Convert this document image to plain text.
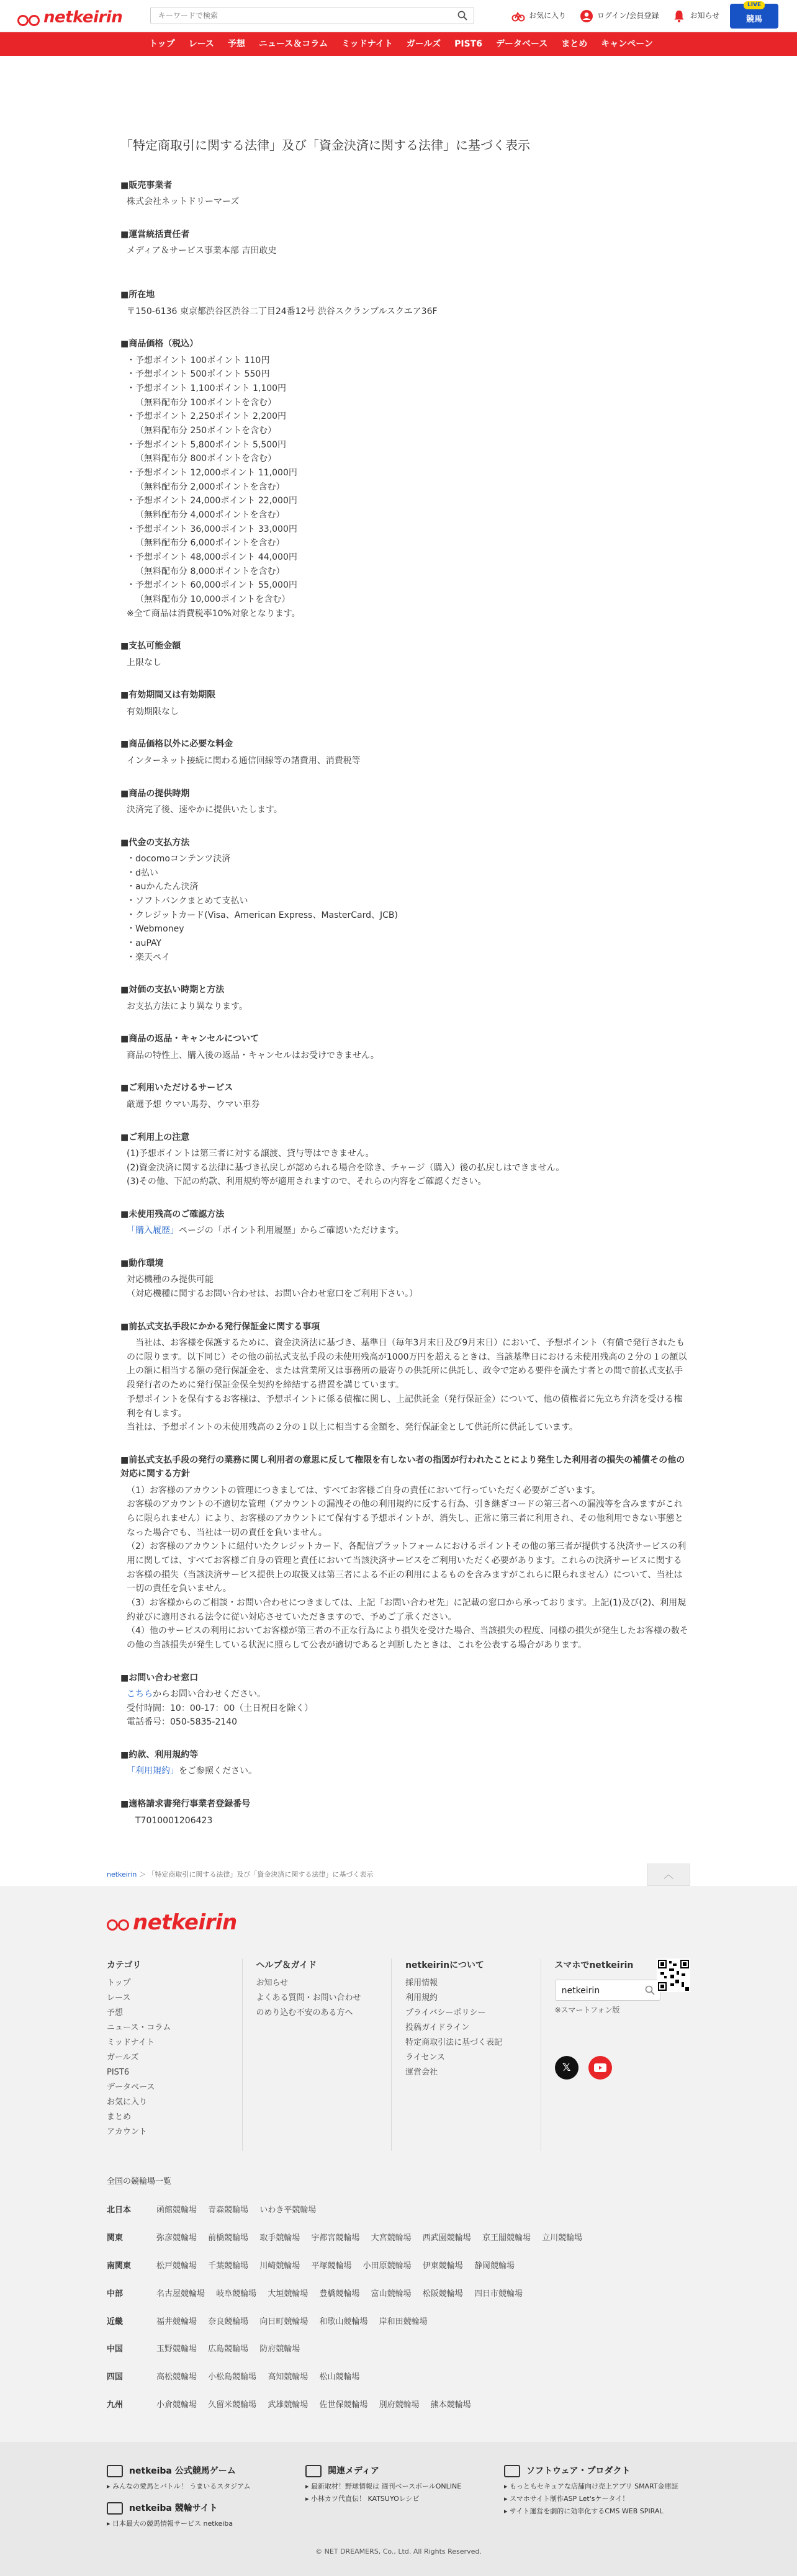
netkeirin
キーワードで検索	お気に入り	ログイン/会員登録	お知らせ
LIVE
競馬
トップ レース 予想 ニュース＆コラム ミッドナイト ガールズ PIST6 データベース まとめ キャンペーン
「特定商取引に関する法律」及び「資金決済に関する法律」に基づく表示
■ 販売事業者

株式会社ネットドリーマーズ

■ 運営統括責任者

メディア＆サービス事業本部 吉田敢史

■ 所在地

〒150-6136 東京都渋谷区渋谷二丁目24番12号 渋谷スクランブルスクエア36F

■ 商品価格（税込）
・ 予想ポイント 100ポイント 110円
・ 予想ポイント 500ポイント 550円
・ 予想ポイント 1,100ポイント 1,100円
（無料配布分 100ポイントを含む）
・ 予想ポイント 2,250ポイント 2,200円
（無料配布分 250ポイントを含む）
・ 予想ポイント 5,800ポイント 5,500円
（無料配布分 800ポイントを含む）
・ 予想ポイント 12,000ポイント 11,000円
（無料配布分 2,000ポイントを含む）
・ 予想ポイント 24,000ポイント 22,000円
（無料配布分 4,000ポイントを含む）
・ 予想ポイント 36,000ポイント 33,000円
（無料配布分 6,000ポイントを含む）
・ 予想ポイント 48,000ポイント 44,000円
（無料配布分 8,000ポイントを含む）
・ 予想ポイント 60,000ポイント 55,000円
（無料配布分 10,000ポイントを含む）

※全て商品は消費税率10%対象となります。

■ 支払可能金額

上限なし

■ 有効期間又は有効期限

有効期限なし

■ 商品価格以外に必要な料金

インターネット接続に関わる通信回線等の諸費用、消費税等

■ 商品の提供時期

決済完了後、速やかに提供いたします。

■ 代金の支払方法
・ docomoコンテンツ決済
・ d払い
・ auかんたん決済
・ ソフトバンクまとめて支払い
・ クレジットカード(Visa、American Express、MasterCard、JCB)
・ Webmoney
・ auPAY
・ 楽天ペイ
■ 対価の支払い時期と方法

お支払方法により異なります。

■ 商品の返品・キャンセルについて

商品の特性上、購入後の返品・キャンセルはお受けできません。

■ ご利用いただけるサービス

厳選予想 ウマい馬券、ウマい車券

■ ご利用上の注意

(1)予想ポイントは第三者に対する譲渡、貸与等はできません。

(2)資金決済に関する法律に基づき払戻しが認められる場合を除き、チャージ（購入）後の払戻しはできません。

(3)その他、下記の約款、利用規約等が適用されますので、それらの内容をご確認ください。

■ 未使用残高のご確認方法

「購入履歴」ページの「ポイント利用履歴」からご確認いただけます。

■ 動作環境

対応機種のみ提供可能

（対応機種に関するお問い合わせは、お問い合わせ窓口をご利用下さい。）

■ 前払式支払手段にかかる発行保証金に関する事項

　当社は、お客様を保護するために、資金決済法に基づき、基準日（毎年3月末日及び9月末日）において、予想ポイント（有償で発行されたものに限ります。以下同じ）その他の前払式支払手段の未使用残高が1000万円を超えるときは、当該基準日における未使用残高の２分の１の額以上の額に相当する額の発行保証金を、または営業所又は事務所の最寄りの供託所に供託し、政令で定める要件を満たす者との間で前払式支払手段発行者のために発行保証金保全契約を締結する措置を講じています。

予想ポイントを保有するお客様は、予想ポイントに係る債権に関し、上記供託金（発行保証金）について、他の債権者に先立ち弁済を受ける権利を有します。

当社は、予想ポイントの未使用残高の２分の１以上に相当する金額を、発行保証金として供託所に供託しています。

■ 前払式支払手段の発行の業務に関し利用者の意思に反して権限を有しない者の指図が行われたことにより発生した利用者の損失の補償その他の対応に関する方針

（1）お客様のアカウントの管理につきましては、すべてお客様ご自身の責任において行っていただく必要がございます。

お客様のアカウントの不適切な管理（アカウントの漏洩その他の利用規約に反する行為、引き継ぎコードの第三者への漏洩等を含みますがこれらに限られません）により、お客様のアカウントにて保有する予想ポイントが、消失し、正常に第三者に利用され、その他利用できない事態となった場合でも、当社は一切の責任を負いません。

（2）お客様のアカウントに紐付いたクレジットカード、各配信プラットフォームにおけるポイントその他の第三者が提供する決済サービスの利用に関しては、すべてお客様ご自身の管理と責任において当該決済サービスをご利用いただく必要があります。これらの決済サービスに関するお客様の損失（当該決済サービス提供上の取扱又は第三者による不正の利用によるものを含みますがこれらに限られません）について、当社は一切の責任を負いません。

（3）お客様からのご相談・お問い合わせにつきましては、上記「お問い合わせ先」に記載の窓口から承っております。上記(1)及び(2)、利用規約並びに適用される法令に従い対応させていただきますので、予めご了承ください。

（4）他のサービスの利用においてお客様が第三者の不正な行為により損失を受けた場合、当該損失の程度、同様の損失が発生したお客様の数その他の当該損失が発生している状況に照らして公表が適切であると判断したときは、これを公表する場合があります。

■ お問い合わせ窓口

こちらからお問い合わせください。

受付時間：10：00-17：00（土日祝日を除く）

電話番号：050-5835-2140

■ 約款、利用規約等

「利用規約」をご参照ください。

■ 適格請求書発行事業者登録番号

T7010001206423

netkeirin ＞ 「特定商取引に関する法律」及び「資金決済に関する法律」に基づく表示	︿
netkeirin
カテゴリ
トップ
レース
予想
ニュース・コラム
ミッドナイト
ガールズ
PIST6
データベース
お気に入り
まとめ
アカウント
ヘルプ＆ガイド
お知らせ
よくある質問・お問い合わせ
のめり込む不安のある方へ
netkeirinについて
採用情報
利用規約
プライバシーポリシー
投稿ガイドライン
特定商取引法に基づく表記
ライセンス
運営会社
スマホでnetkeirin
netkeirin
※スマートフォン版
𝕏
全国の競輪場一覧
北日本	函館競輪場 青森競輪場 いわき平競輪場
関東	弥彦競輪場 前橋競輪場 取手競輪場 宇都宮競輪場 大宮競輪場 西武園競輪場 京王閣競輪場 立川競輪場
南関東	松戸競輪場 千葉競輪場 川崎競輪場 平塚競輪場 小田原競輪場 伊東競輪場 静岡競輪場
中部	名古屋競輪場 岐阜競輪場 大垣競輪場 豊橋競輪場 富山競輪場 松阪競輪場 四日市競輪場
近畿	福井競輪場 奈良競輪場 向日町競輪場 和歌山競輪場 岸和田競輪場
中国	玉野競輪場 広島競輪場 防府競輪場
四国	高松競輪場 小松島競輪場 高知競輪場 松山競輪場
九州	小倉競輪場 久留米競輪場 武雄競輪場 佐世保競輪場 別府競輪場 熊本競輪場
netkeiba 公式競馬ゲーム

▸ みんなの愛馬とバトル！ うまいるスタジアム

netkeiba 競輪サイト

▸ 日本最大の競馬情報サービス netkeiba

関連メディア

▸ 最新取材！野球情報は 週刊ベースボールONLINE

▸ 小林カツ代直伝！ KATSUYOレシピ

ソフトウェア・プロダクト

▸ もっともセキュアな店舗向け売上アプリ SMART金庫証

▸ スマホサイト制作ASP Let'sケータイ！

▸ サイト運営を劇的に効率化するCMS WEB SPIRAL

© NET DREAMERS, Co., Ltd. All Rights Reserved.
